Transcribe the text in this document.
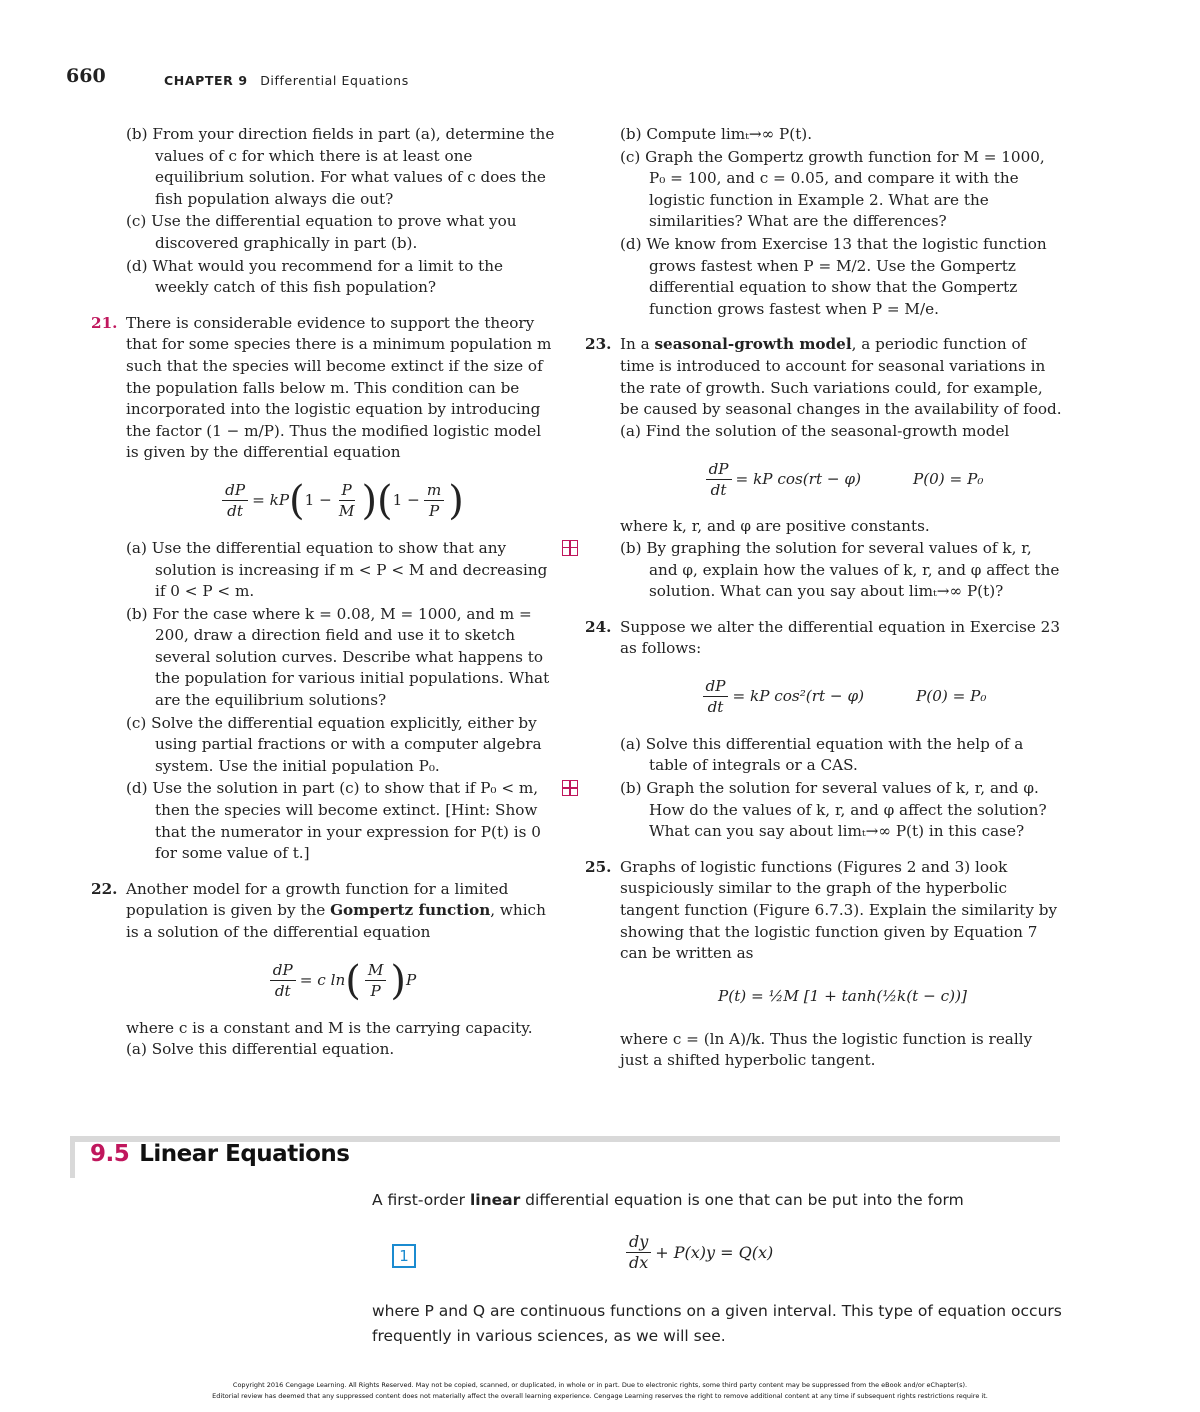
660	CHAPTER 9 Differential Equations

(b) From your direction fields in part (a), determine the values of c for which there is at least one equilibrium solution. For what values of c does the fish population always die out?

(c) Use the differential equation to prove what you discovered graphically in part (b).

(d) What would you recommend for a limit to the weekly catch of this fish population?

21. There is considerable evidence to support the theory that for some species there is a minimum population m such that the species will become extinct if the size of the population falls below m. This condition can be incorporated into the logistic equation by introducing the factor (1 − m/P). Thus the modified logistic model is given by the differential equation

$\frac{dP}{dt}$ = kP ( $1 - \frac{P}{M}$ )( $1 - \frac{m}{P}$ )

(a) Use the differential equation to show that any solution is increasing if m < P < M and decreasing if 0 < P < m.

(b) For the case where k = 0.08, M = 1000, and m = 200, draw a direction field and use it to sketch several solution curves. Describe what happens to the population for various initial populations. What are the equilibrium solutions?

(c) Solve the differential equation explicitly, either by using partial fractions or with a computer algebra system. Use the initial population P₀.

(d) Use the solution in part (c) to show that if P₀ < m, then the species will become extinct. [Hint: Show that the numerator in your expression for P(t) is 0 for some value of t.]

22. Another model for a growth function for a limited population is given by the Gompertz function, which is a solution of the differential equation

$\frac{dP}{dt} = c$ ln ( $\frac{M}{P}$ ) P

where c is a constant and M is the carrying capacity.

(a) Solve this differential equation.

(b) Compute limₜ→∞ P(t).

(c) Graph the Gompertz growth function for M = 1000, P₀ = 100, and c = 0.05, and compare it with the logistic function in Example 2. What are the similarities? What are the differences?

(d) We know from Exercise 13 that the logistic function grows fastest when P = M/2. Use the Gompertz differential equation to show that the Gompertz function grows fastest when P = M/e.

23. In a seasonal-growth model, a periodic function of time is introduced to account for seasonal variations in the rate of growth. Such variations could, for example, be caused by seasonal changes in the availability of food.

(a) Find the solution of the seasonal-growth model

$\frac{dP}{dt}$ = kP cos(rt − φ)	P(0) = P₀

where k, r, and φ are positive constants.

(b) By graphing the solution for several values of k, r, and φ, explain how the values of k, r, and φ affect the solution. What can you say about limₜ→∞ P(t)?

24. Suppose we alter the differential equation in Exercise 23 as follows:

$\frac{dP}{dt}$ = kP cos²(rt − φ)	P(0) = P₀

(a) Solve this differential equation with the help of a table of integrals or a CAS.

(b) Graph the solution for several values of k, r, and φ. How do the values of k, r, and φ affect the solution? What can you say about limₜ→∞ P(t) in this case?

25. Graphs of logistic functions (Figures 2 and 3) look suspiciously similar to the graph of the hyperbolic tangent function (Figure 6.7.3). Explain the similarity by showing that the logistic function given by Equation 7 can be written as

P(t) = ½M [1 + tanh(½k(t − c))]

where c = (ln A)/k. Thus the logistic function is really just a shifted hyperbolic tangent.

9.5 Linear Equations

A first-order linear differential equation is one that can be put into the form

1	$\frac{dy}{dx} + P(x)y = Q(x)$

where P and Q are continuous functions on a given interval. This type of equation occurs frequently in various sciences, as we will see.

Copyright 2016 Cengage Learning. All Rights Reserved. May not be copied, scanned, or duplicated, in whole or in part. Due to electronic rights, some third party content may be suppressed from the eBook and/or eChapter(s).
Editorial review has deemed that any suppressed content does not materially affect the overall learning experience. Cengage Learning reserves the right to remove additional content at any time if subsequent rights restrictions require it.
